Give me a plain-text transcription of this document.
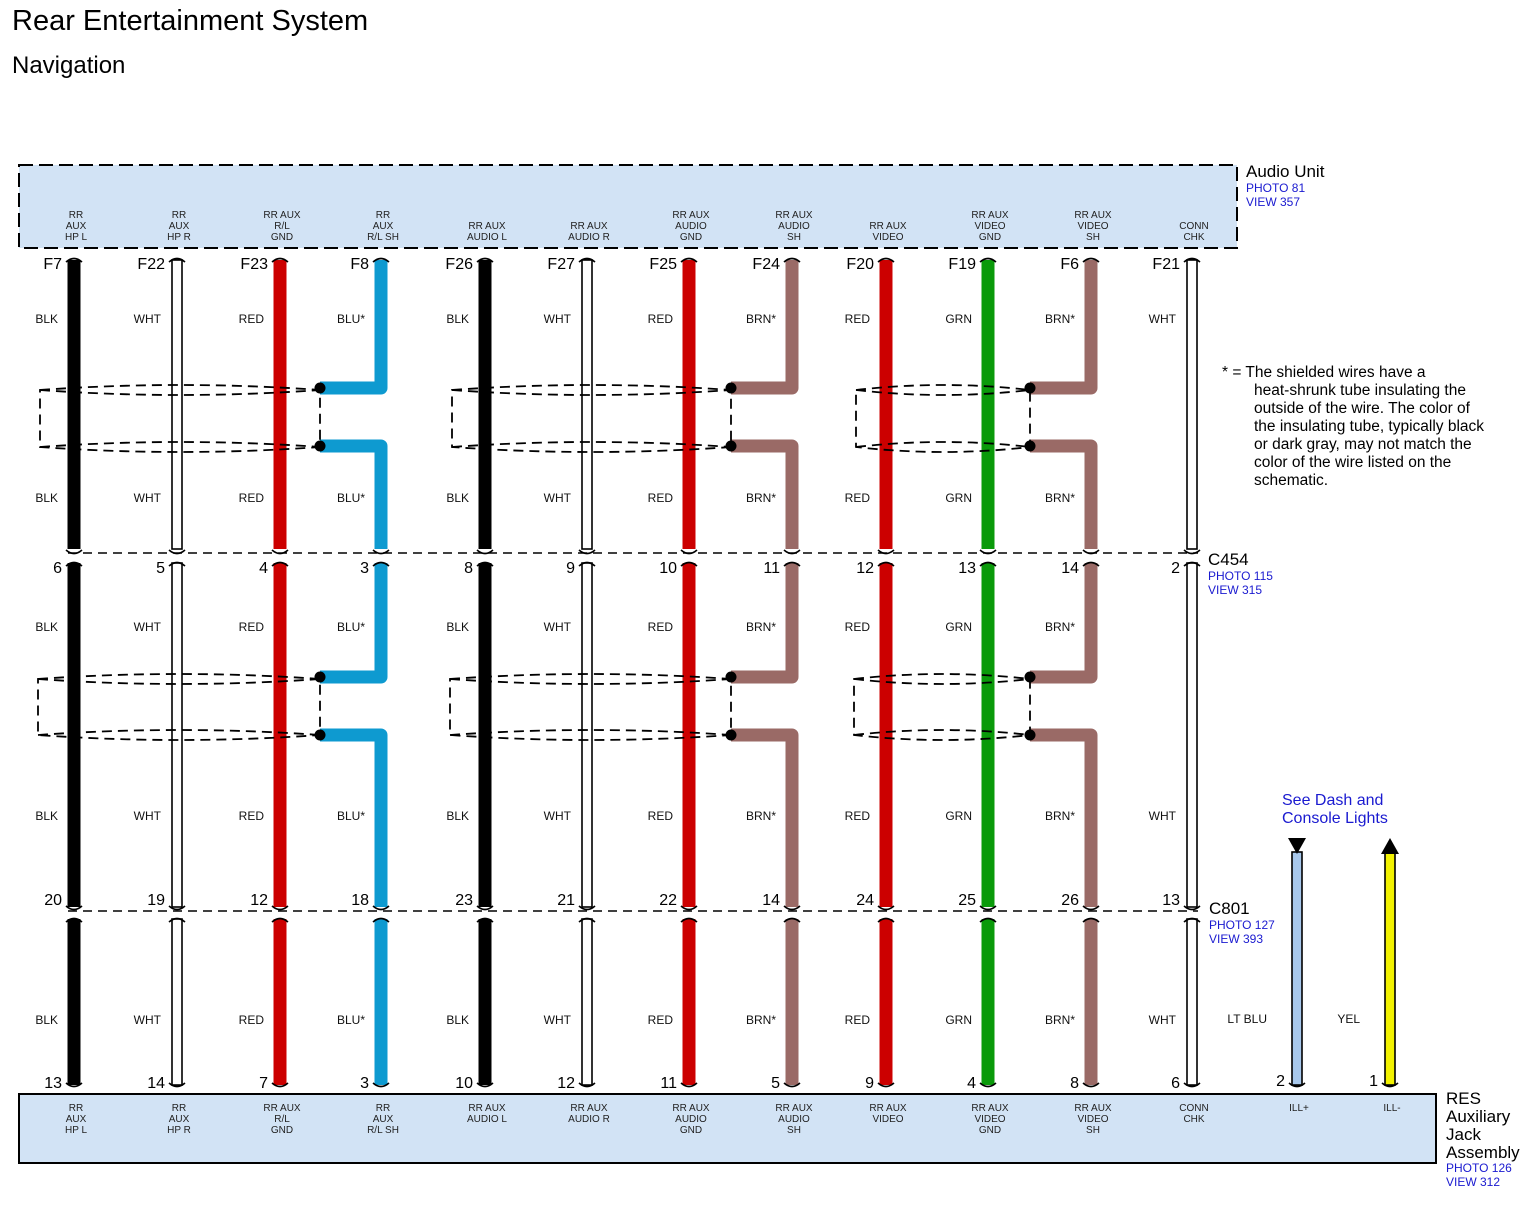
Rear Entertainment System
Navigation
Audio Unit
PHOTO 81
VIEW 357
RES
Auxiliary
Jack
Assembly
PHOTO 126
VIEW 312
C454
PHOTO 115
VIEW 315
C801
PHOTO 127
VIEW 393
* = The shielded wires have a
heat-shrunk tube insulating the
outside of the wire. The color of
the insulating tube, typically black
or dark gray, may not match the
color of the wire listed on the
schematic.
See Dash and
Console Lights
RR
AUX
HP L
RR
AUX
HP L
F7
6
20
13
BLK
BLK
BLK
BLK
BLK
RR
AUX
HP R
RR
AUX
HP R
F22
5
19
14
WHT
WHT
WHT
WHT
WHT
RR AUX
R/L
GND
RR AUX
R/L
GND
F23
4
12
7
RED
RED
RED
RED
RED
RR
AUX
R/L SH
RR
AUX
R/L SH
F8
3
18
3
BLU*
BLU*
BLU*
BLU*
BLU*
RR AUX
AUDIO L
RR AUX
AUDIO L
F26
8
23
10
BLK
BLK
BLK
BLK
BLK
RR AUX
AUDIO R
RR AUX
AUDIO R
F27
9
21
12
WHT
WHT
WHT
WHT
WHT
RR AUX
AUDIO
GND
RR AUX
AUDIO
GND
F25
10
22
11
RED
RED
RED
RED
RED
RR AUX
AUDIO
SH
RR AUX
AUDIO
SH
F24
11
14
5
BRN*
BRN*
BRN*
BRN*
BRN*
RR AUX
VIDEO
RR AUX
VIDEO
F20
12
24
9
RED
RED
RED
RED
RED
RR AUX
VIDEO
GND
RR AUX
VIDEO
GND
F19
13
25
4
GRN
GRN
GRN
GRN
GRN
RR AUX
VIDEO
SH
RR AUX
VIDEO
SH
F6
14
26
8
BRN*
BRN*
BRN*
BRN*
BRN*
CONN
CHK
CONN
CHK
F21
2
13
6
WHT
WHT
WHT
ILL+
2
LT BLU
ILL-
1
YEL
